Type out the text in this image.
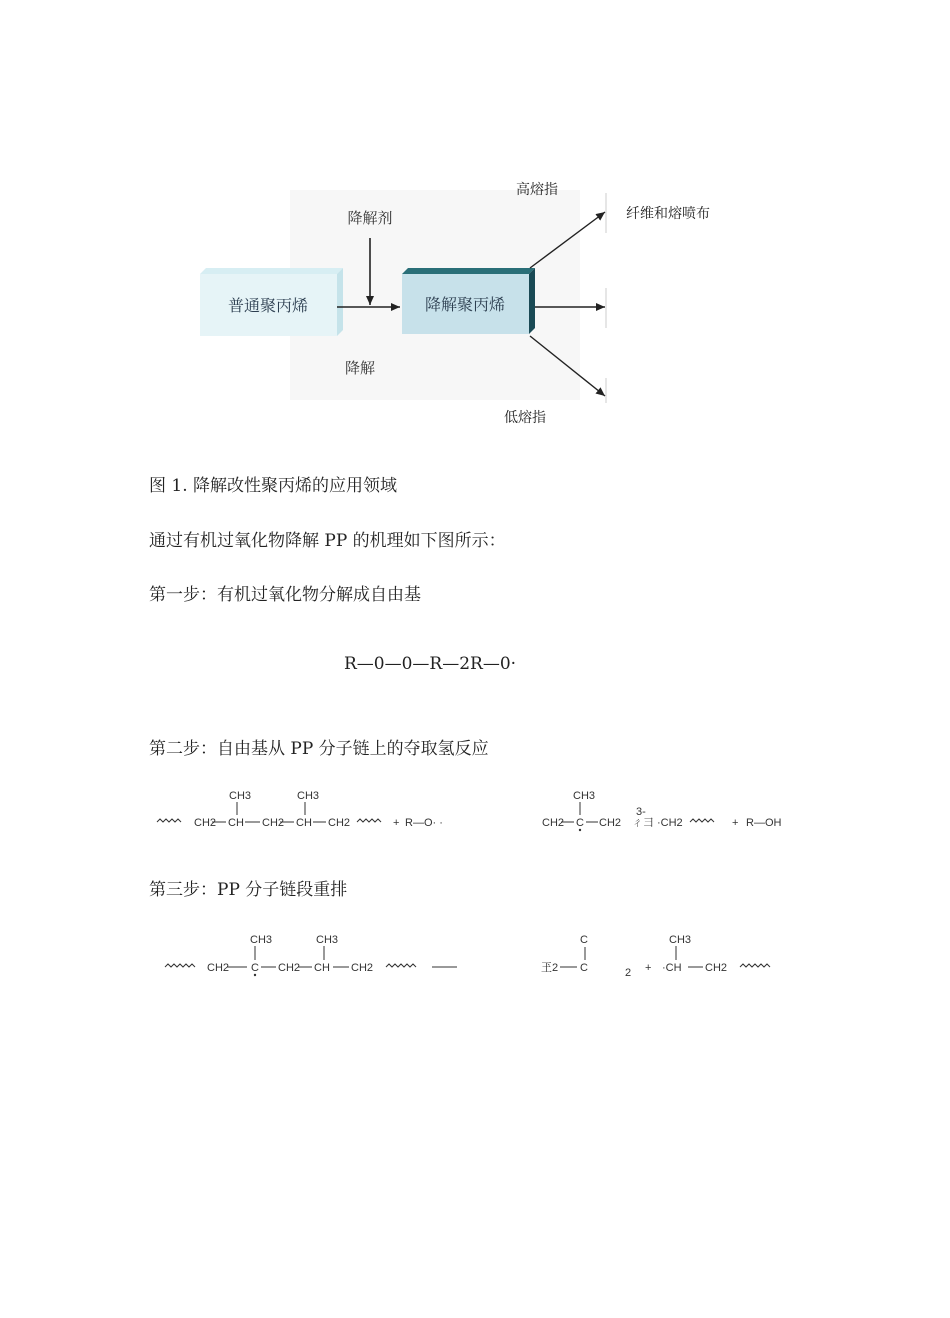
普通聚丙烯	降解聚丙烯
降解剂
降解
高熔指
纤维和熔喷布
低熔指
图 1. 降解改性聚丙烯的应用领域
通过有机过氧化物降解 PP 的机理如下图所示：
第一步：有机过氧化物分解成自由基
R—0—0—R—2R—0·
第二步：自由基从 PP 分子链上的夺取氢反应
CH2 CH
CH3
CH2 CH
CH3
CH2	+ R—O· ·	CH2 C
CH3
CH2
3-
ㄔ彐 ·CH2	+ R—OH
第三步：PP 分子链段重排
CH2 C
CH3
CH2 CH
CH3
CH2
C
玊2 C	2 + ·CH
CH3
CH2
